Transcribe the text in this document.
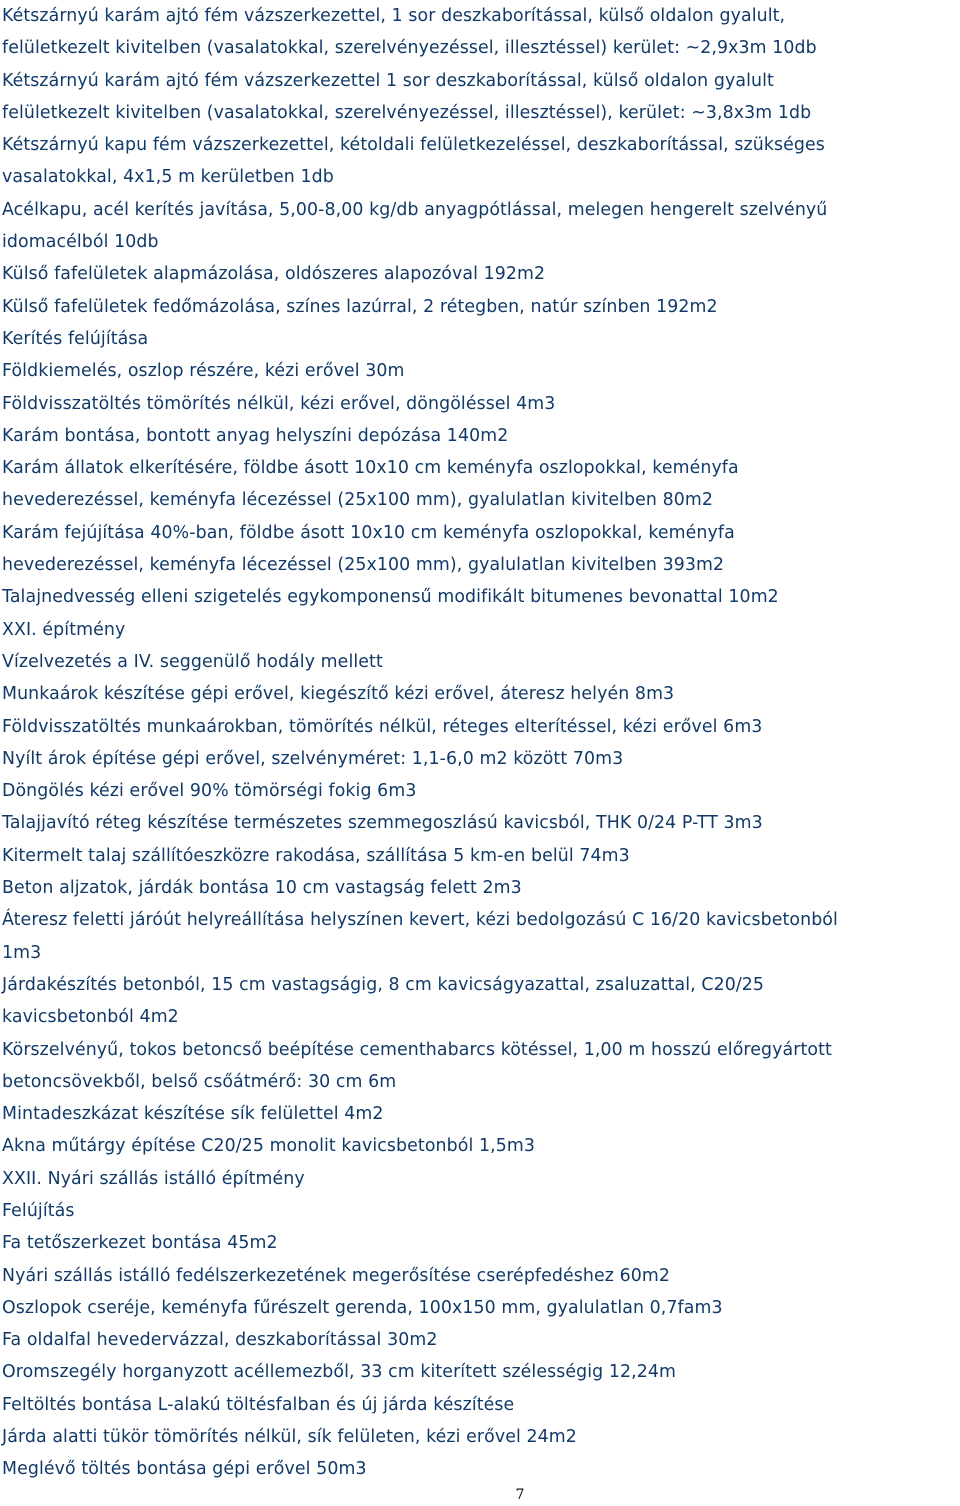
Kétszárnyú karám ajtó fém vázszerkezettel, 1 sor deszkaborítással, külső oldalon gyalult,
felületkezelt kivitelben (vasalatokkal, szerelvényezéssel, illesztéssel) kerület: ~2,9x3m 10db
Kétszárnyú karám ajtó fém vázszerkezettel 1 sor deszkaborítással, külső oldalon gyalult
felületkezelt kivitelben (vasalatokkal, szerelvényezéssel, illesztéssel), kerület: ~3,8x3m 1db
Kétszárnyú kapu fém vázszerkezettel, kétoldali felületkezeléssel, deszkaborítással, szükséges
vasalatokkal, 4x1,5 m kerületben 1db
Acélkapu, acél kerítés javítása, 5,00-8,00 kg/db anyagpótlással, melegen hengerelt szelvényű
idomacélból 10db
Külső fafelületek alapmázolása, oldószeres alapozóval 192m2
Külső fafelületek fedőmázolása, színes lazúrral, 2 rétegben, natúr színben 192m2
Kerítés felújítása
Földkiemelés, oszlop részére, kézi erővel 30m
Földvisszatöltés tömörítés nélkül, kézi erővel, döngöléssel 4m3
Karám bontása, bontott anyag helyszíni depózása 140m2
Karám állatok elkerítésére, földbe ásott 10x10 cm keményfa oszlopokkal, keményfa
hevederezéssel, keményfa lécezéssel (25x100 mm), gyalulatlan kivitelben 80m2
Karám fejújítása 40%-ban, földbe ásott 10x10 cm keményfa oszlopokkal, keményfa
hevederezéssel, keményfa lécezéssel (25x100 mm), gyalulatlan kivitelben 393m2
Talajnedvesség elleni szigetelés egykomponensű modifikált bitumenes bevonattal 10m2
XXI. építmény
Vízelvezetés a IV. seggenülő hodály mellett
Munkaárok készítése gépi erővel, kiegészítő kézi erővel, áteresz helyén 8m3
Földvisszatöltés munkaárokban, tömörítés nélkül, réteges elterítéssel, kézi erővel 6m3
Nyílt árok építése gépi erővel, szelvényméret: 1,1-6,0 m2 között 70m3
Döngölés kézi erővel 90% tömörségi fokig 6m3
Talajjavító réteg készítése természetes szemmegoszlású kavicsból, THK 0/24 P-TT 3m3
Kitermelt talaj szállítóeszközre rakodása, szállítása 5 km-en belül 74m3
Beton aljzatok, járdák bontása 10 cm vastagság felett 2m3
Áteresz feletti járóút helyreállítása helyszínen kevert, kézi bedolgozású C 16/20 kavicsbetonból
1m3
Járdakészítés betonból, 15 cm vastagságig, 8 cm kavicságyazattal, zsaluzattal, C20/25
kavicsbetonból 4m2
Körszelvényű, tokos betoncső beépítése cementhabarcs kötéssel, 1,00 m hosszú előregyártott
betoncsövekből, belső csőátmérő: 30 cm 6m
Mintadeszkázat készítése sík felülettel 4m2
Akna műtárgy építése C20/25 monolit kavicsbetonból 1,5m3
XXII. Nyári szállás istálló építmény
Felújítás
Fa tetőszerkezet bontása 45m2
Nyári szállás istálló fedélszerkezetének megerősítése cserépfedéshez 60m2
Oszlopok cseréje, keményfa fűrészelt gerenda, 100x150 mm, gyalulatlan 0,7fam3
Fa oldalfal hevedervázzal, deszkaborítással 30m2
Oromszegély horganyzott acéllemezből, 33 cm kiterített szélességig 12,24m
Feltöltés bontása L-alakú töltésfalban és új járda készítése
Járda alatti tükör tömörítés nélkül, sík felületen, kézi erővel 24m2
Meglévő töltés bontása gépi erővel 50m3
7
